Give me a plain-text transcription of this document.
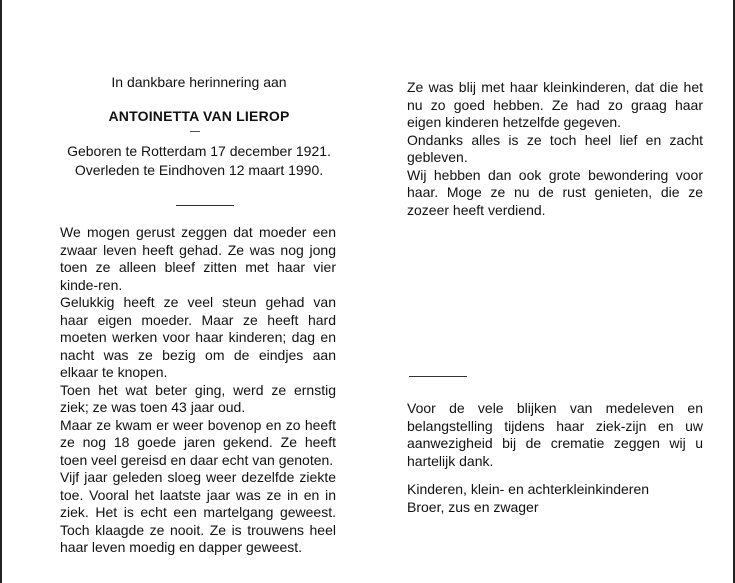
In dankbare herinnering aan
ANTOINETTA VAN LIEROP
Geboren te Rotterdam 17 december 1921.
Overleden te Eindhoven 12 maart 1990.

We mogen gerust zeggen dat moeder een zwaar leven heeft gehad. Ze was nog jong toen ze alleen bleef zitten met haar vier kinde-ren.

Gelukkig heeft ze veel steun gehad van haar eigen moeder. Maar ze heeft hard moeten werken voor haar kinderen; dag en nacht was ze bezig om de eindjes aan elkaar te knopen.

Toen het wat beter ging, werd ze ernstig ziek; ze was toen 43 jaar oud.

Maar ze kwam er weer bovenop en zo heeft ze nog 18 goede jaren gekend. Ze heeft toen veel gereisd en daar echt van genoten.

Vijf jaar geleden sloeg weer dezelfde ziekte toe. Vooral het laatste jaar was ze in en in ziek. Het is echt een martelgang geweest. Toch klaagde ze nooit. Ze is trouwens heel haar leven moedig en dapper geweest.

Ze was blij met haar kleinkinderen, dat die het nu zo goed hebben. Ze had zo graag haar eigen kinderen hetzelfde gegeven.

Ondanks alles is ze toch heel lief en zacht gebleven.

Wij hebben dan ook grote bewondering voor haar. Moge ze nu de rust genieten, die ze zozeer heeft verdiend.

Voor de vele blijken van medeleven en belangstelling tijdens haar ziek-zijn en uw aanwezigheid bij de crematie zeggen wij u hartelijk dank.

Kinderen, klein- en achterkleinkinderen

Broer, zus en zwager
